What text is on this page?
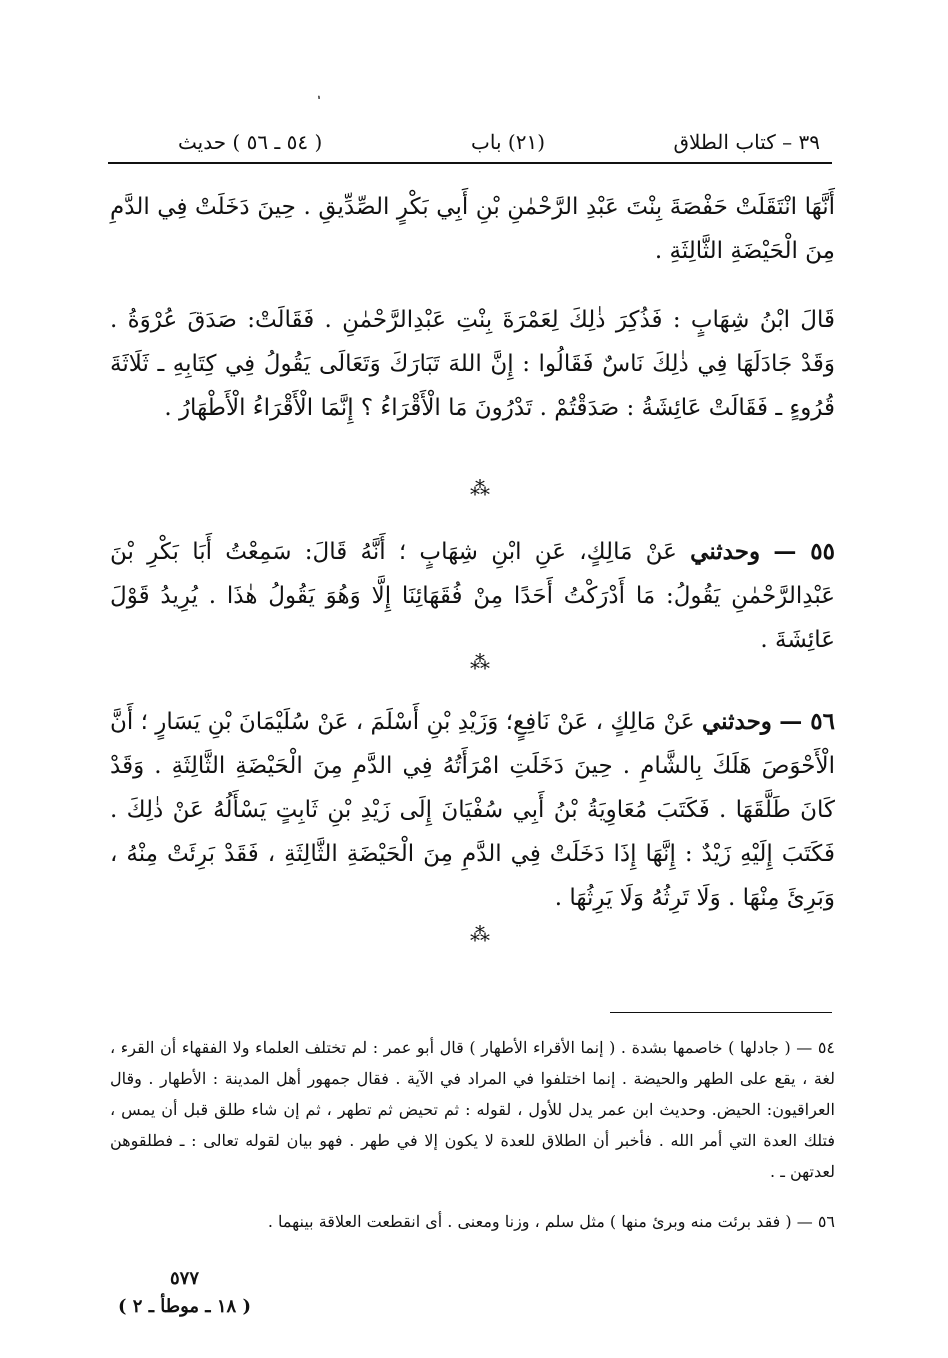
٣٩ – كتاب الطلاق
(٢١) باب
( ٥٤ ـ ٥٦ ) حديث
أَنَّهَا انْتَقَلَتْ حَفْصَةَ بِنْتَ عَبْدِ الرَّحْمٰنِ بْنِ أَبِي بَكْرٍ الصِّدِّيقِ . حِينَ دَخَلَتْ فِي الدَّمِ مِنَ الْحَيْضَةِ الثَّالِثَةِ .
قَالَ ابْنُ شِهَابٍ : فَذُكِرَ ذٰلِكَ لِعَمْرَةَ بِنْتِ عَبْدِالرَّحْمٰنِ . فَقَالَتْ: صَدَقَ عُرْوَةُ . وَقَدْ جَادَلَهَا فِي ذٰلِكَ نَاسٌ فَقَالُوا : إِنَّ اللهَ تَبَارَكَ وَتَعَالَى يَقُولُ فِي كِتَابِهِ ـ ثَلَاثَةَ قُرُوءٍ ـ فَقَالَتْ عَائِشَةُ : صَدَقْتُمْ . تَدْرُونَ مَا الْأَقْرَاءُ ؟ إِنَّمَا الْأَقْرَاءُ الْأَطْهَارُ .
⁂
٥٥ — وحدثني عَنْ مَالِكٍ، عَنِ ابْنِ شِهَابٍ ؛ أَنَّهُ قَالَ: سَمِعْتُ أَبَا بَكْرِ بْنَ عَبْدِالرَّحْمٰنِ يَقُولُ: مَا أَدْرَكْتُ أَحَدًا مِنْ فُقَهَائِنَا إِلَّا وَهُوَ يَقُولُ هٰذَا . يُرِيدُ قَوْلَ عَائِشَةَ .
⁂
٥٦ — وحدثني عَنْ مَالِكٍ ، عَنْ نَافِعٍ؛ وَزَيْدِ بْنِ أَسْلَمَ ، عَنْ سُلَيْمَانَ بْنِ يَسَارٍ ؛ أَنَّ الْأَحْوَصَ هَلَكَ بِالشَّامِ . حِينَ دَخَلَتِ امْرَأَتُهُ فِي الدَّمِ مِنَ الْحَيْضَةِ الثَّالِثَةِ . وَقَدْ كَانَ طَلَّقَهَا . فَكَتَبَ مُعَاوِيَةُ بْنُ أَبِي سُفْيَانَ إِلَى زَيْدِ بْنِ ثَابِتٍ يَسْأَلُهُ عَنْ ذٰلِكَ . فَكَتَبَ إِلَيْهِ زَيْدٌ : إِنَّهَا إِذَا دَخَلَتْ فِي الدَّمِ مِنَ الْحَيْضَةِ الثَّالِثَةِ ، فَقَدْ بَرِئَتْ مِنْهُ ، وَبَرِئَ مِنْهَا . وَلَا تَرِثُهُ وَلَا يَرِثُهَا .
⁂
٥٤ — ( جادلها ) خاصمها بشدة . ( إنما الأقراء الأطهار ) قال أبو عمر : لم تختلف العلماء ولا الفقهاء أن القرء ، لغة ، يقع على الطهر والحيضة . إنما اختلفوا في المراد في الآية . فقال جمهور أهل المدينة : الأطهار . وقال العراقيون: الحيض. وحديث ابن عمر يدل للأول ، لقوله : ثم تحيض ثم تطهر ، ثم إن شاء طلق قبل أن يمس ، فتلك العدة التي أمر الله . فأخبر أن الطلاق للعدة لا يكون إلا في طهر . فهو بيان لقوله تعالى : ـ فطلقوهن لعدتهن ـ .
٥٦ — ( فقد برئت منه وبرئ منها ) مثل سلم ، وزنا ومعنى . أى انقطعت العلاقة بينهما .
٥٧٧
( ١٨ ـ موطأ ـ ٢ )
